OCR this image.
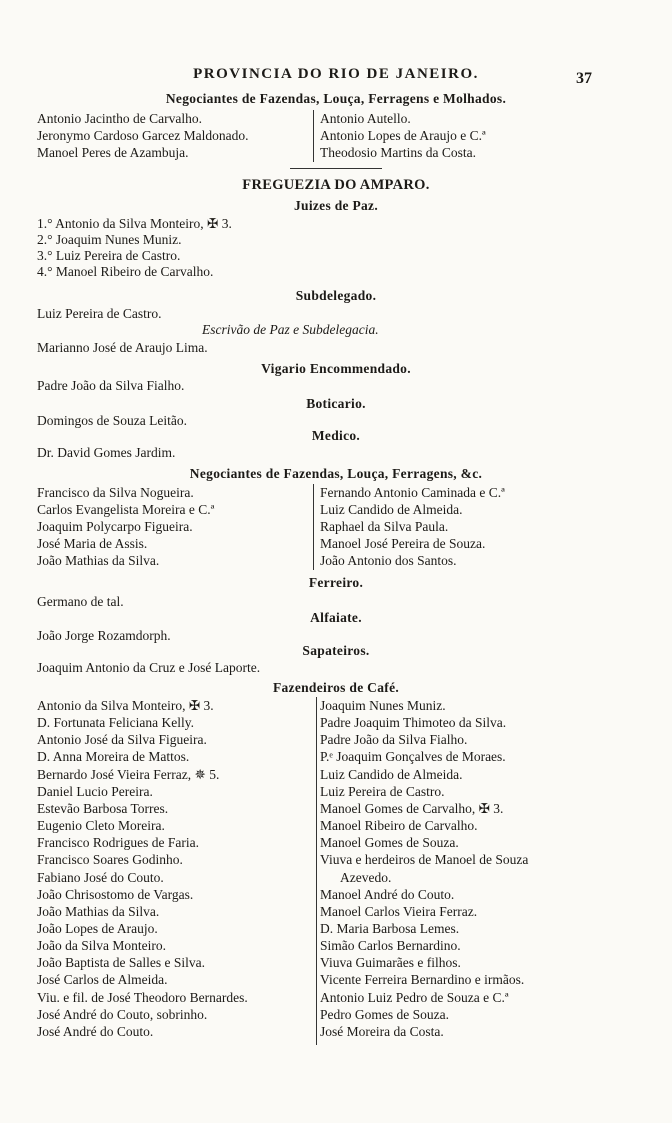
PROVINCIA DO RIO DE JANEIRO.	37
Negociantes de Fazendas, Louça, Ferragens e Molhados.
Antonio Jacintho de Carvalho.
Jeronymo Cardoso Garcez Maldonado.
Manoel Peres de Azambuja.
Antonio Autello.
Antonio Lopes de Araujo e C.ª
Theodosio Martins da Costa.
FREGUEZIA DO AMPARO.
Juizes de Paz.
1.° Antonio da Silva Monteiro, ✠ 3.
2.° Joaquim Nunes Muniz.
3.° Luiz Pereira de Castro.
4.° Manoel Ribeiro de Carvalho.
Subdelegado.
Luiz Pereira de Castro.
Escrivão de Paz e Subdelegacia.
Marianno José de Araujo Lima.
Vigario Encommendado.
Padre João da Silva Fialho.
Boticario.
Domingos de Souza Leitão.
Medico.
Dr. David Gomes Jardim.
Negociantes de Fazendas, Louça, Ferragens, &c.
Francisco da Silva Nogueira.
Carlos Evangelista Moreira e C.ª
Joaquim Polycarpo Figueira.
José Maria de Assis.
João Mathias da Silva.
Fernando Antonio Caminada e C.ª
Luiz Candido de Almeida.
Raphael da Silva Paula.
Manoel José Pereira de Souza.
João Antonio dos Santos.
Ferreiro.
Germano de tal.
Alfaiate.
João Jorge Rozamdorph.
Sapateiros.
Joaquim Antonio da Cruz e José Laporte.
Fazendeiros de Café.
Antonio da Silva Monteiro, ✠ 3.
D. Fortunata Feliciana Kelly.
Antonio José da Silva Figueira.
D. Anna Moreira de Mattos.
Bernardo José Vieira Ferraz, ✵ 5.
Daniel Lucio Pereira.
Estevão Barbosa Torres.
Eugenio Cleto Moreira.
Francisco Rodrigues de Faria.
Francisco Soares Godinho.
Fabiano José do Couto.
João Chrisostomo de Vargas.
João Mathias da Silva.
João Lopes de Araujo.
João da Silva Monteiro.
João Baptista de Salles e Silva.
José Carlos de Almeida.
Viu. e fil. de José Theodoro Bernardes.
José André do Couto, sobrinho.
José André do Couto.
Joaquim Nunes Muniz.
Padre Joaquim Thimoteo da Silva.
Padre João da Silva Fialho.
P.ᵉ Joaquim Gonçalves de Moraes.
Luiz Candido de Almeida.
Luiz Pereira de Castro.
Manoel Gomes de Carvalho, ✠ 3.
Manoel Ribeiro de Carvalho.
Manoel Gomes de Souza.
Viuva e herdeiros de Manoel de Souza
Azevedo.
Manoel André do Couto.
Manoel Carlos Vieira Ferraz.
D. Maria Barbosa Lemes.
Simão Carlos Bernardino.
Viuva Guimarães e filhos.
Vicente Ferreira Bernardino e irmãos.
Antonio Luiz Pedro de Souza e C.ª
Pedro Gomes de Souza.
José Moreira da Costa.
